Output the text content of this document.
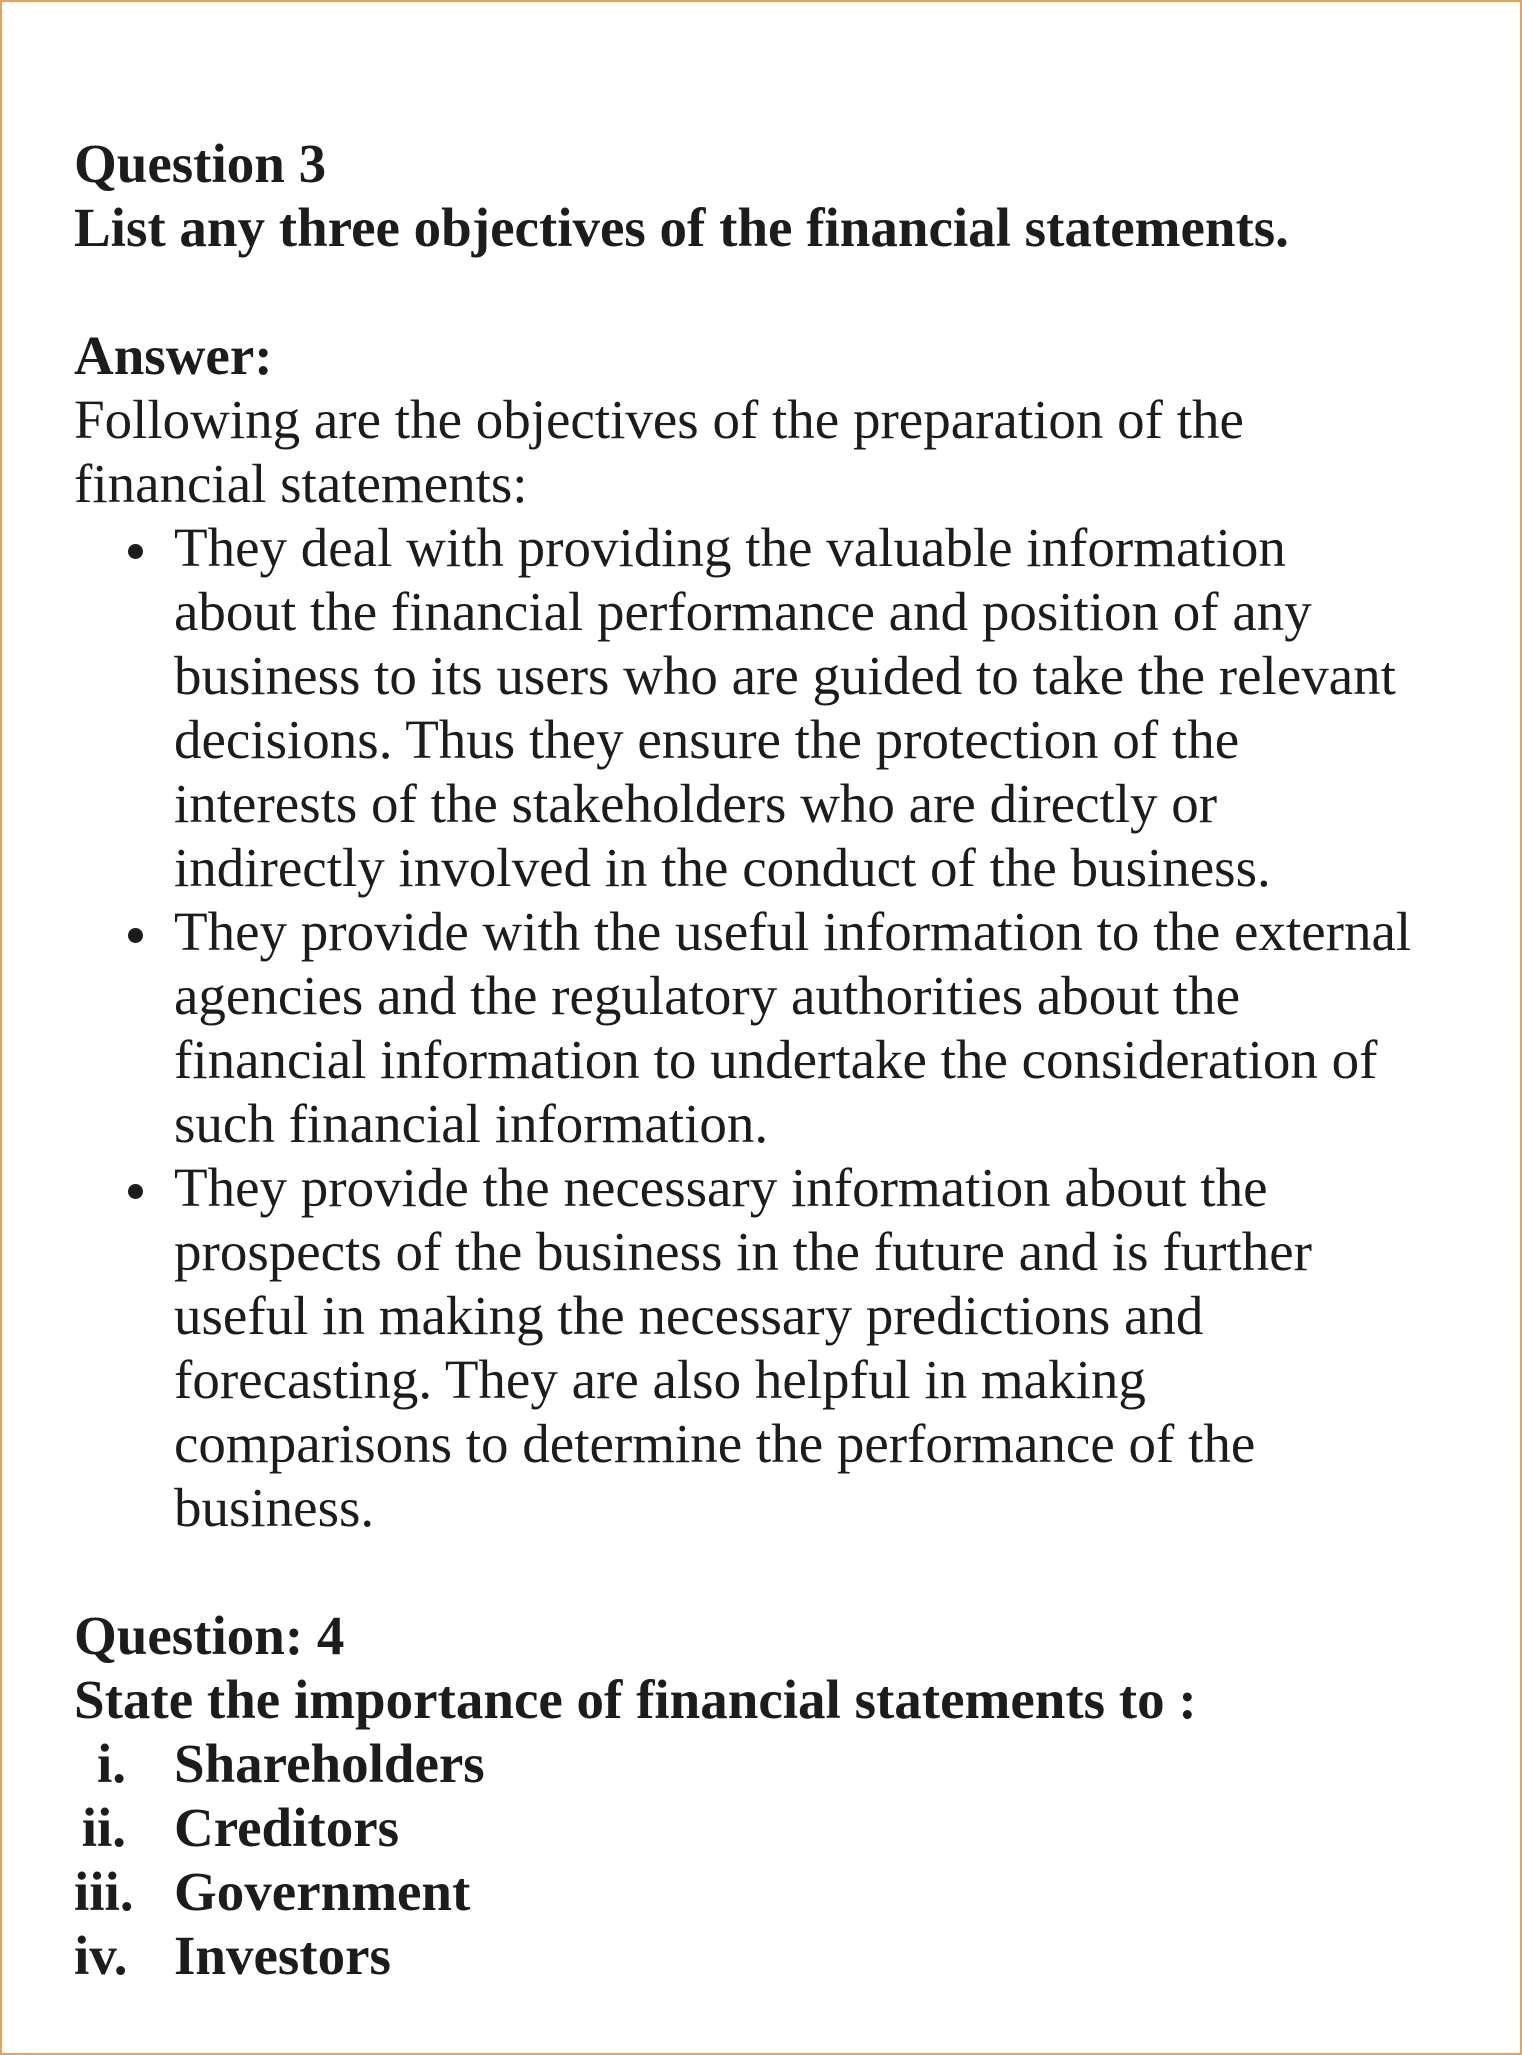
Question 3
List any three objectives of the financial statements.
Answer:
Following are the objectives of the preparation of the
financial statements:
They deal with providing the valuable information
about the financial performance and position of any
business to its users who are guided to take the relevant
decisions. Thus they ensure the protection of the
interests of the stakeholders who are directly or
indirectly involved in the conduct of the business.
They provide with the useful information to the external
agencies and the regulatory authorities about the
financial information to undertake the consideration of
such financial information.
They provide the necessary information about the
prospects of the business in the future and is further
useful in making the necessary predictions and
forecasting. They are also helpful in making
comparisons to determine the performance of the
business.
Question: 4
State the importance of financial statements to :
i. Shareholders
ii. Creditors
iii. Government
iv. Investors
